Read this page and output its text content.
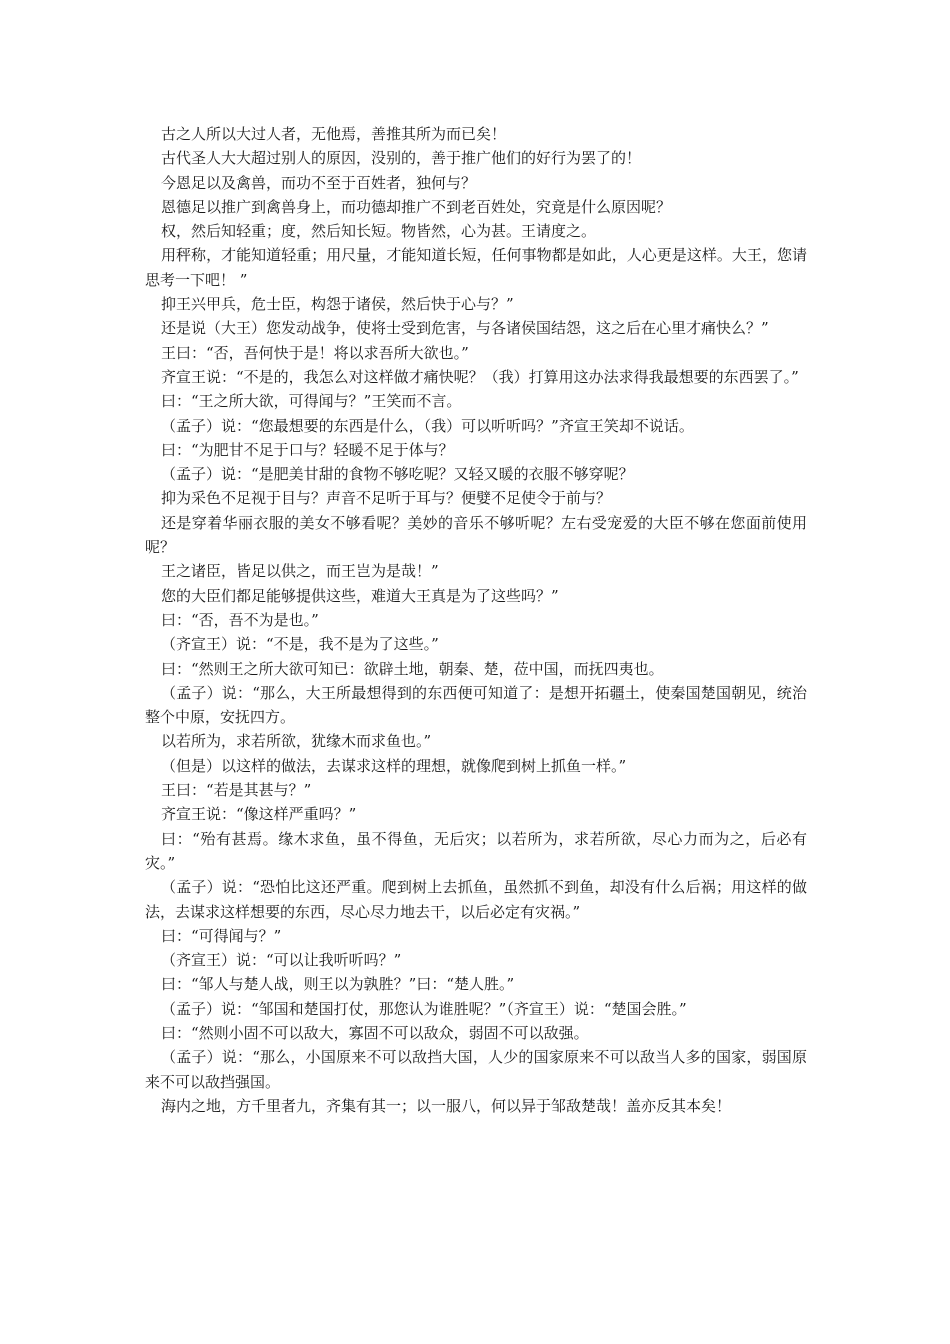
古之人所以大过人者，无他焉，善推其所为而已矣！

古代圣人大大超过别人的原因，没别的，善于推广他们的好行为罢了的！

今恩足以及禽兽，而功不至于百姓者，独何与？

恩德足以推广到禽兽身上，而功德却推广不到老百姓处，究竟是什么原因呢？

权，然后知轻重；度，然后知长短。物皆然，心为甚。王请度之。

用秤称，才能知道轻重；用尺量，才能知道长短，任何事物都是如此，人心更是这样。大王，您请思考一下吧！ ”

抑王兴甲兵，危士臣，构怨于诸侯，然后快于心与？”

还是说（大王）您发动战争，使将士受到危害，与各诸侯国结怨，这之后在心里才痛快么？”

王曰：“否，吾何快于是！将以求吾所大欲也。”

齐宣王说：“不是的，我怎么对这样做才痛快呢？（我）打算用这办法求得我最想要的东西罢了。”

曰：“王之所大欲，可得闻与？”王笑而不言。

（孟子）说：“您最想要的东西是什么，（我）可以听听吗？”齐宣王笑却不说话。

曰：“为肥甘不足于口与？轻暖不足于体与？

（孟子）说：“是肥美甘甜的食物不够吃呢？又轻又暖的衣服不够穿呢？

抑为采色不足视于目与？声音不足听于耳与？便嬖不足使令于前与？

还是穿着华丽衣服的美女不够看呢？美妙的音乐不够听呢？左右受宠爱的大臣不够在您面前使用呢？

王之诸臣，皆足以供之，而王岂为是哉！”

您的大臣们都足能够提供这些，难道大王真是为了这些吗？”

曰：“否，吾不为是也。”

（齐宣王）说：“不是，我不是为了这些。”

曰：“然则王之所大欲可知已：欲辟土地，朝秦、楚，莅中国，而抚四夷也。

（孟子）说：“那么，大王所最想得到的东西便可知道了：是想开拓疆土，使秦国楚国朝见，统治整个中原，安抚四方。

以若所为，求若所欲，犹缘木而求鱼也。”

（但是）以这样的做法，去谋求这样的理想，就像爬到树上抓鱼一样。”

王曰：“若是其甚与？”

齐宣王说：“像这样严重吗？”

曰：“殆有甚焉。缘木求鱼，虽不得鱼，无后灾；以若所为，求若所欲，尽心力而为之，后必有灾。”

（孟子）说：“恐怕比这还严重。爬到树上去抓鱼，虽然抓不到鱼，却没有什么后祸；用这样的做法，去谋求这样想要的东西，尽心尽力地去干，以后必定有灾祸。”

曰：“可得闻与？”

（齐宣王）说：“可以让我听听吗？”

曰：“邹人与楚人战，则王以为孰胜？”曰：“楚人胜。”

（孟子）说：“邹国和楚国打仗，那您认为谁胜呢？”（齐宣王）说：“楚国会胜。”

曰：“然则小固不可以敌大，寡固不可以敌众，弱固不可以敌强。

（孟子）说：“那么，小国原来不可以敌挡大国，人少的国家原来不可以敌当人多的国家，弱国原来不可以敌挡强国。

海内之地，方千里者九，齐集有其一；以一服八，何以异于邹敌楚哉！盖亦反其本矣！
